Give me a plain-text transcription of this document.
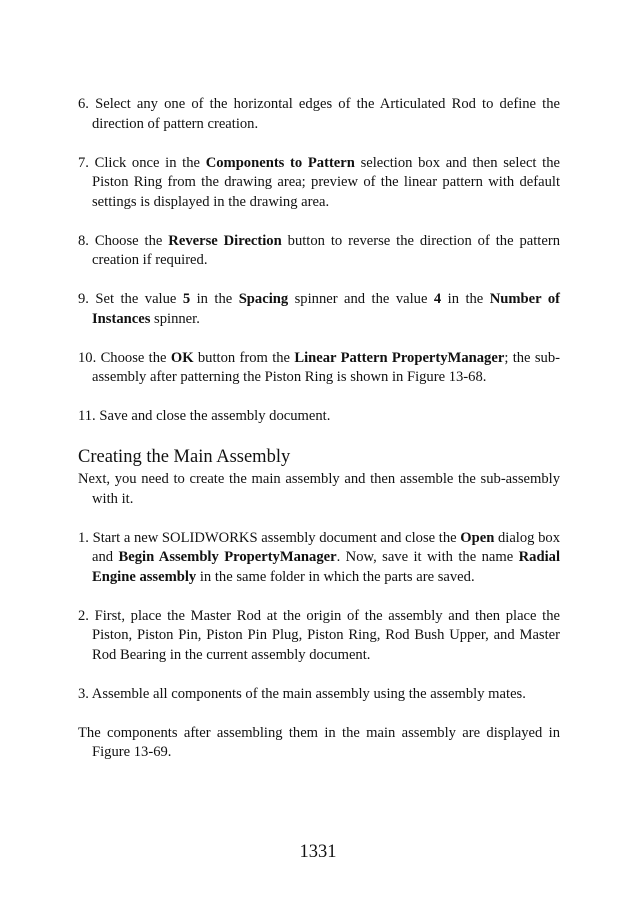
6. Select any one of the horizontal edges of the Articulated Rod to define the direction of pattern creation.

7. Click once in the Components to Pattern selection box and then select the Piston Ring from the drawing area; preview of the linear pattern with default settings is displayed in the drawing area.

8. Choose the Reverse Direction button to reverse the direction of the pattern creation if required.

9. Set the value 5 in the Spacing spinner and the value 4 in the Number of Instances spinner.

10. Choose the OK button from the Linear Pattern PropertyManager; the sub-assembly after patterning the Piston Ring is shown in Figure 13-68.

11. Save and close the assembly document.

Creating the Main Assembly

Next, you need to create the main assembly and then assemble the sub-assembly with it.

1. Start a new SOLIDWORKS assembly document and close the Open dialog box and Begin Assembly PropertyManager. Now, save it with the name Radial Engine assembly in the same folder in which the parts are saved.

2. First, place the Master Rod at the origin of the assembly and then place the Piston, Piston Pin, Piston Pin Plug, Piston Ring, Rod Bush Upper, and Master Rod Bearing in the current assembly document.

3. Assemble all components of the main assembly using the assembly mates.

The components after assembling them in the main assembly are displayed in Figure 13-69.

1331
